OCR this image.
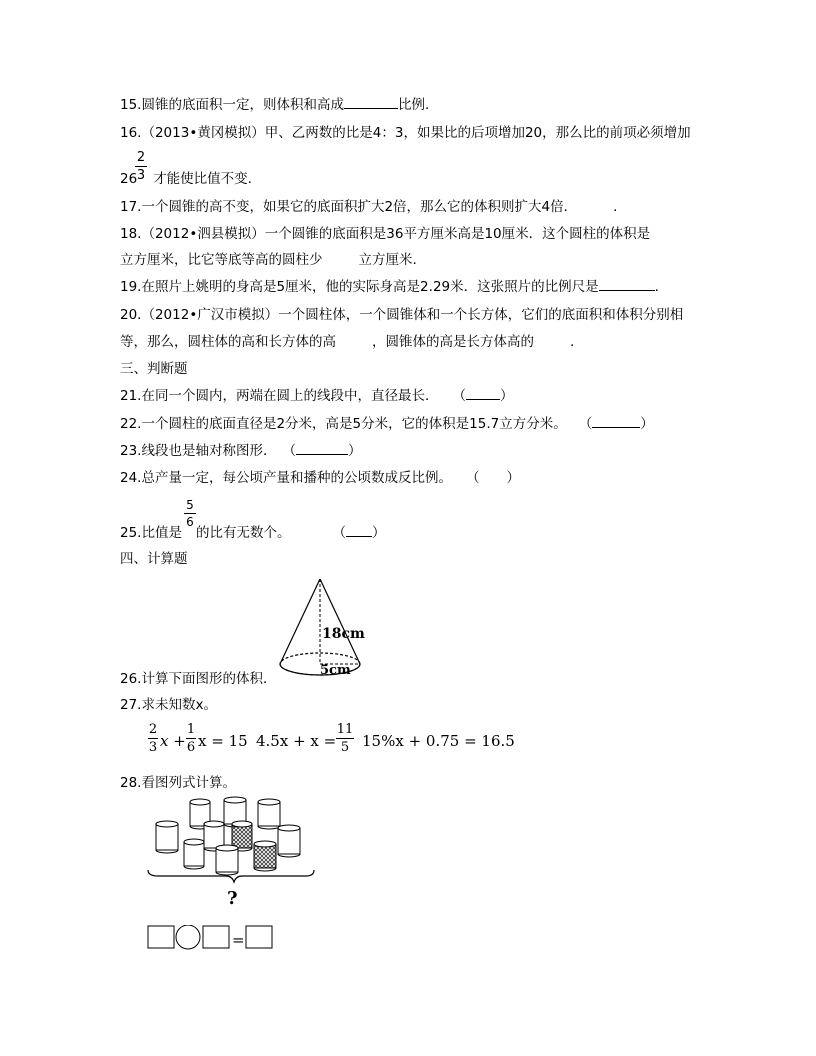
15.圆锥的底面积一定，则体积和高成	比例.
16.（2013•黄冈模拟）甲、乙两数的比是4：3，如果比的后项增加20，那么比的前项必须增加
26 才能使比值不变.
2
3
17.一个圆锥的高不变，如果它的底面积扩大2倍，那么它的体积则扩大4倍．	.
18.（2012•泗县模拟）一个圆锥的底面积是36平方厘米高是10厘米．这个圆柱的体积是
立方厘米，比它等底等高的圆柱少	立方厘米.
19.在照片上姚明的身高是5厘米，他的实际身高是2.29米．这张照片的比例尺是	.
20.（2012•广汉市模拟）一个圆柱体，一个圆锥体和一个长方体，它们的底面积和体积分别相
等，那么，圆柱体的高和长方体的高	，圆锥体的高是长方体高的	.
三、判断题
21.在同一个圆内，两端在圆上的线段中，直径最长． （	）
22.一个圆柱的底面直径是2分米，高是5分米，它的体积是15.7立方分米。 （	）
23.线段也是轴对称图形． （	）
24.总产量一定，每公顷产量和播种的公顷数成反比例。 （　　）
5
6
25.比值是 的比有无数个。	（ ）
四、计算题
18cm
5cm
26.计算下面图形的体积．
27.求未知数x。
2
3 x +
1
6 x = 15 4.5x + x =
11
5 15%x + 0.75 = 16.5
28.看图列式计算。
?
=
